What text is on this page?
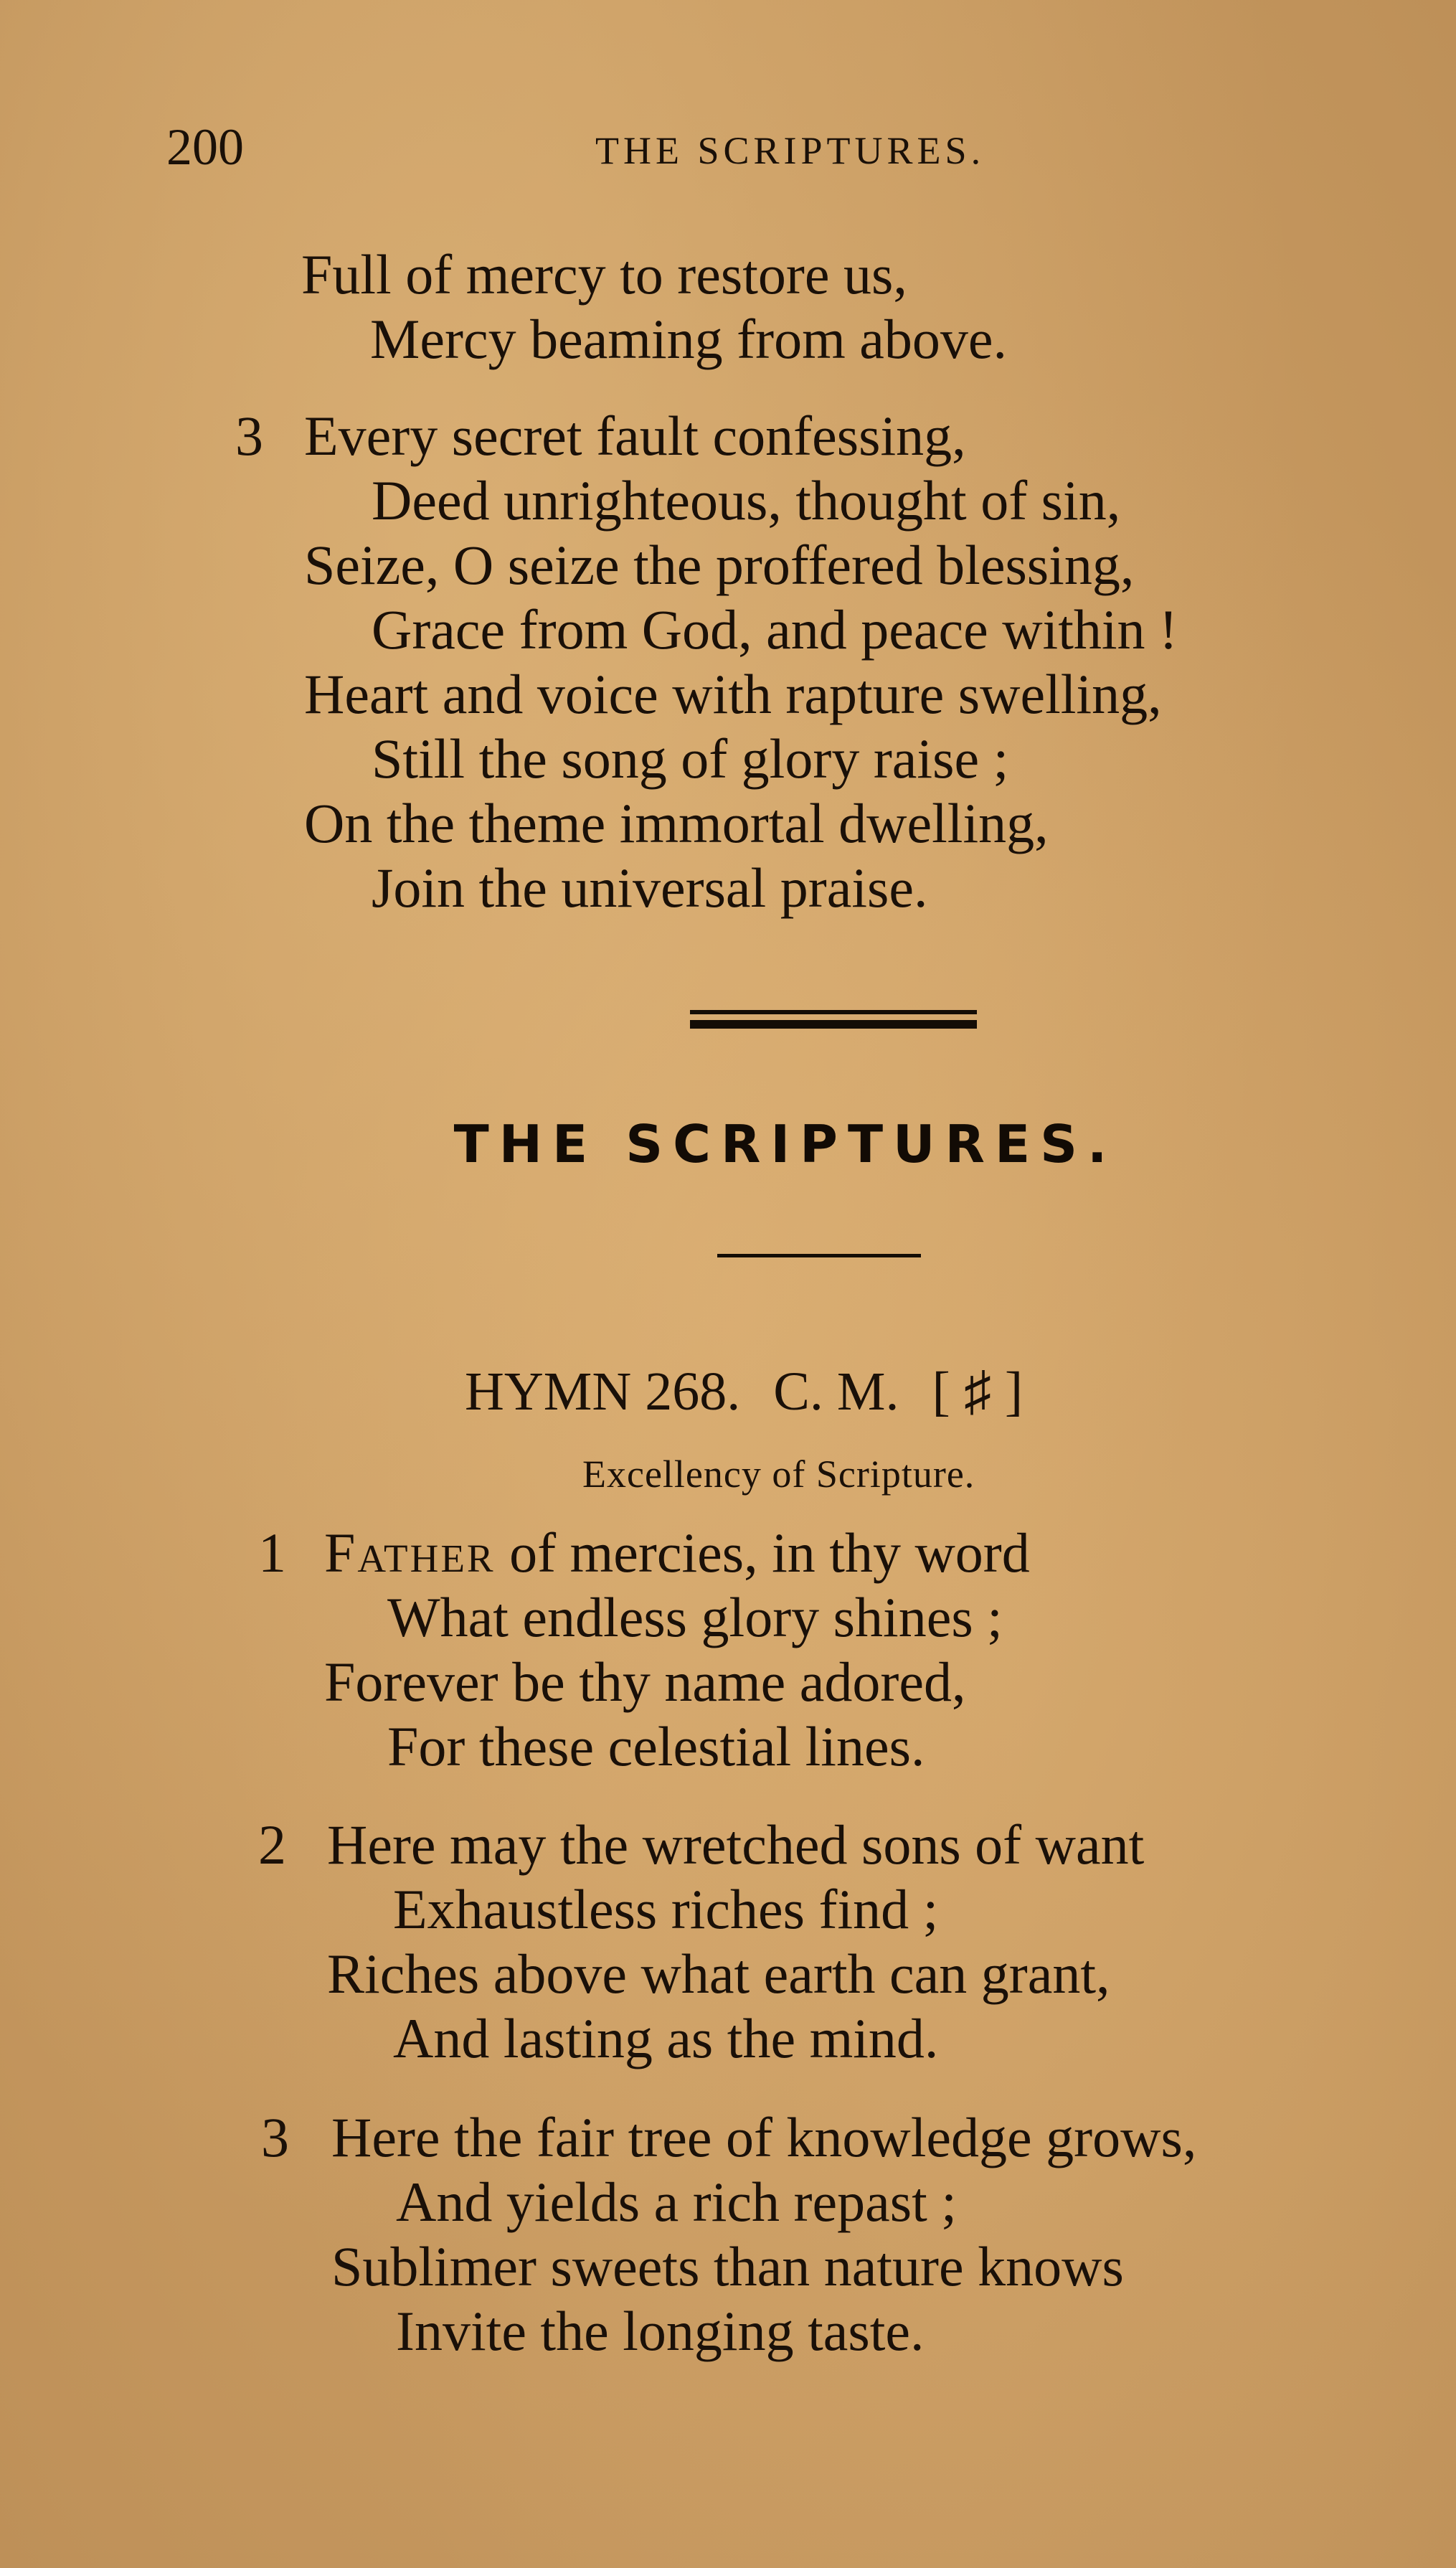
200	THE SCRIPTURES.
Full of mercy to restore us,
Mercy beaming from above.
3 Every secret fault confessing,
Deed unrighteous, thought of sin,
Seize, O seize the proffered blessing,
Grace from God, and peace within !
Heart and voice with rapture swelling,
Still the song of glory raise ;
On the theme immortal dwelling,
Join the universal praise.
THE SCRIPTURES.
HYMN 268. C. M. [ ♯ ]
Excellency of Scripture.
1 Father of mercies, in thy word
What endless glory shines ;
Forever be thy name adored,
For these celestial lines.
2 Here may the wretched sons of want
Exhaustless riches find ;
Riches above what earth can grant,
And lasting as the mind.
3 Here the fair tree of knowledge grows,
And yields a rich repast ;
Sublimer sweets than nature knows
Invite the longing taste.
